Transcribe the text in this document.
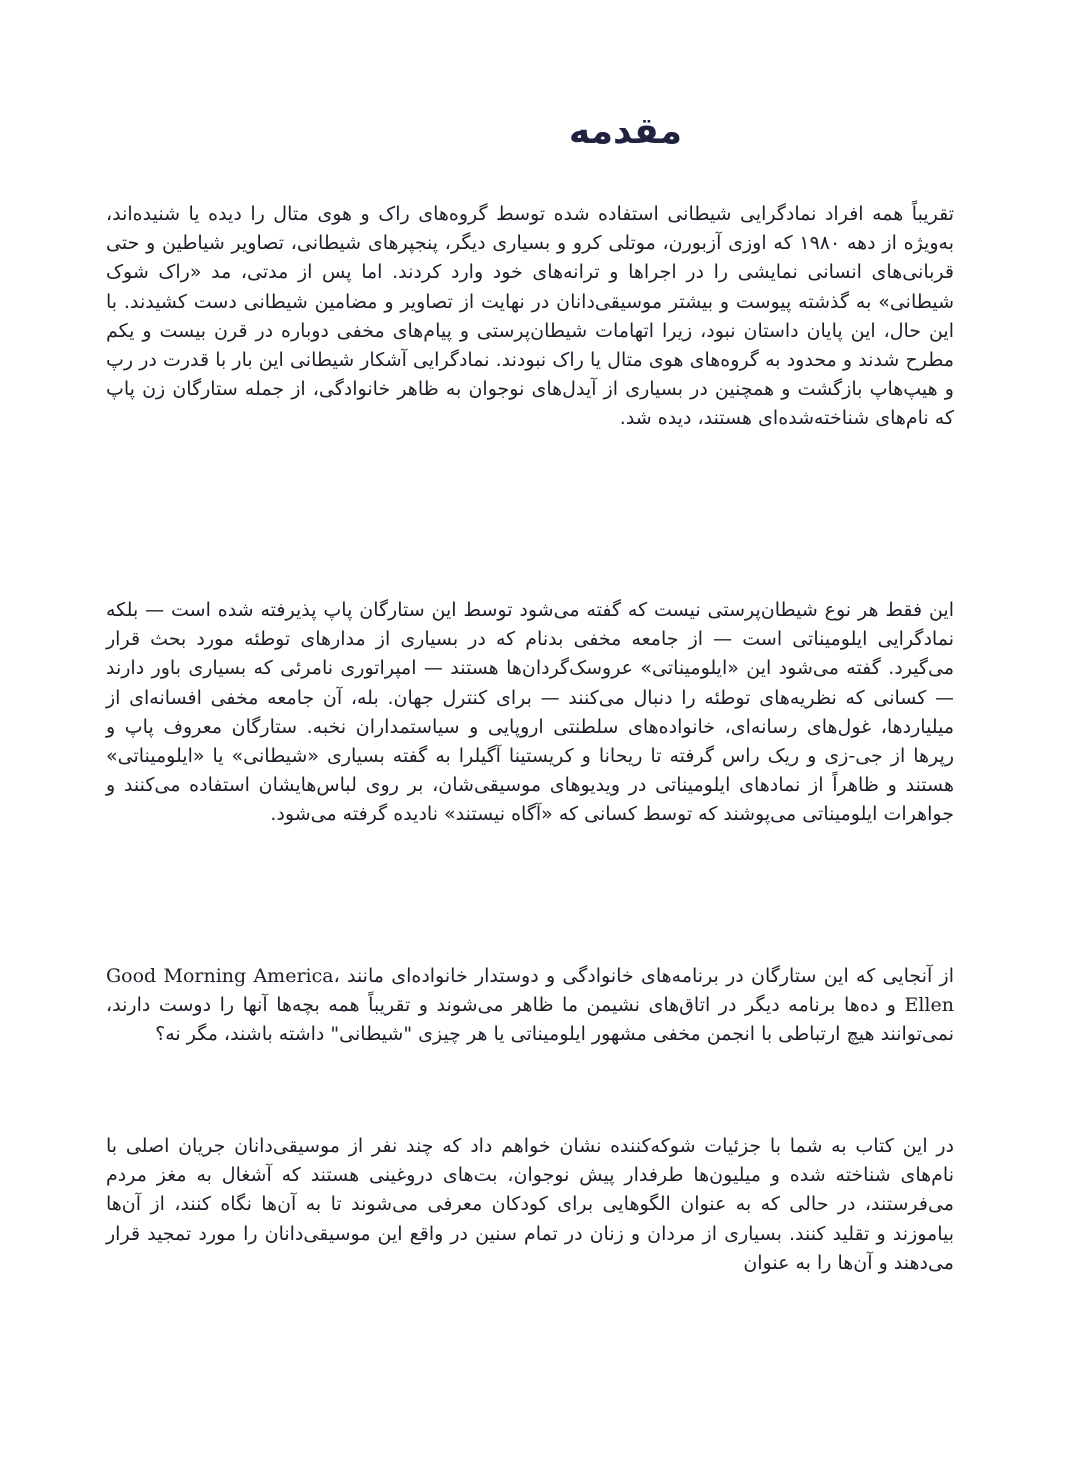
مقدمه

تقریباً همه افراد نمادگرایی شیطانی استفاده شده توسط گروه‌های راک و هوی متال را دیده یا شنیده‌اند، به‌ویژه از دهه ۱۹۸۰ که اوزی آزبورن، موتلی کرو و بسیاری دیگر، پنجپرهای شیطانی، تصاویر شیاطین و حتی قربانی‌های انسانی نمایشی را در اجراها و ترانه‌های خود وارد کردند. اما پس از مدتی، مد «راک شوک شیطانی» به گذشته پیوست و بیشتر موسیقی‌دانان در نهایت از تصاویر و مضامین شیطانی دست کشیدند. با این حال، این پایان داستان نبود، زیرا اتهامات شیطان‌پرستی و پیام‌های مخفی دوباره در قرن بیست و یکم مطرح شدند و محدود به گروه‌های هوی متال یا راک نبودند. نمادگرایی آشکار شیطانی این بار با قدرت در رپ و هیپ‌هاپ بازگشت و همچنین در بسیاری از آیدل‌های نوجوان به ظاهر خانوادگی، از جمله ستارگان زن پاپ که نام‌های شناخته‌شده‌ای هستند، دیده شد.

این فقط هر نوع شیطان‌پرستی نیست که گفته می‌شود توسط این ستارگان پاپ پذیرفته شده است — بلکه نمادگرایی ایلومیناتی است — از جامعه مخفی بدنام که در بسیاری از مدارهای توطئه مورد بحث قرار می‌گیرد. گفته می‌شود این «ایلومیناتی» عروسک‌گردان‌ها هستند — امپراتوری نامرئی که بسیاری باور دارند — کسانی که نظریه‌های توطئه را دنبال می‌کنند — برای کنترل جهان. بله، آن جامعه مخفی افسانه‌ای از میلیاردها، غول‌های رسانه‌ای، خانواده‌های سلطنتی اروپایی و سیاستمداران نخبه. ستارگان معروف پاپ و رپرها از جی‌-زی و ریک راس گرفته تا ریحانا و کریستینا آگیلرا به گفته بسیاری «شیطانی» یا «ایلومیناتی» هستند و ظاهراً از نمادهای ایلومیناتی در ویدیوهای موسیقی‌شان، بر روی لباس‌هایشان استفاده می‌کنند و جواهرات ایلومیناتی می‌پوشند که توسط کسانی که «آگاه نیستند» نادیده گرفته می‌شود.

از آنجایی که این ستارگان در برنامه‌های خانوادگی و دوستدار خانواده‌ای مانند Good Morning America، Ellen و ده‌ها برنامه دیگر در اتاق‌های نشیمن ما ظاهر می‌شوند و تقریباً همه بچه‌ها آنها را دوست دارند، نمی‌توانند هیچ ارتباطی با انجمن مخفی مشهور ایلومیناتی یا هر چیزی "شیطانی" داشته باشند، مگر نه؟

در این کتاب به شما با جزئیات شوکه‌کننده نشان خواهم داد که چند نفر از موسیقی‌دانان جریان اصلی با نام‌های شناخته شده و میلیون‌ها طرفدار پیش نوجوان، بت‌های دروغینی هستند که آشغال به مغز مردم می‌فرستند، در حالی که به عنوان الگوهایی برای کودکان معرفی می‌شوند تا به آن‌ها نگاه کنند، از آن‌ها بیاموزند و تقلید کنند. بسیاری از مردان و زنان در تمام سنین در واقع این موسیقی‌دانان را مورد تمجید قرار می‌دهند و آن‌ها را به عنوان
